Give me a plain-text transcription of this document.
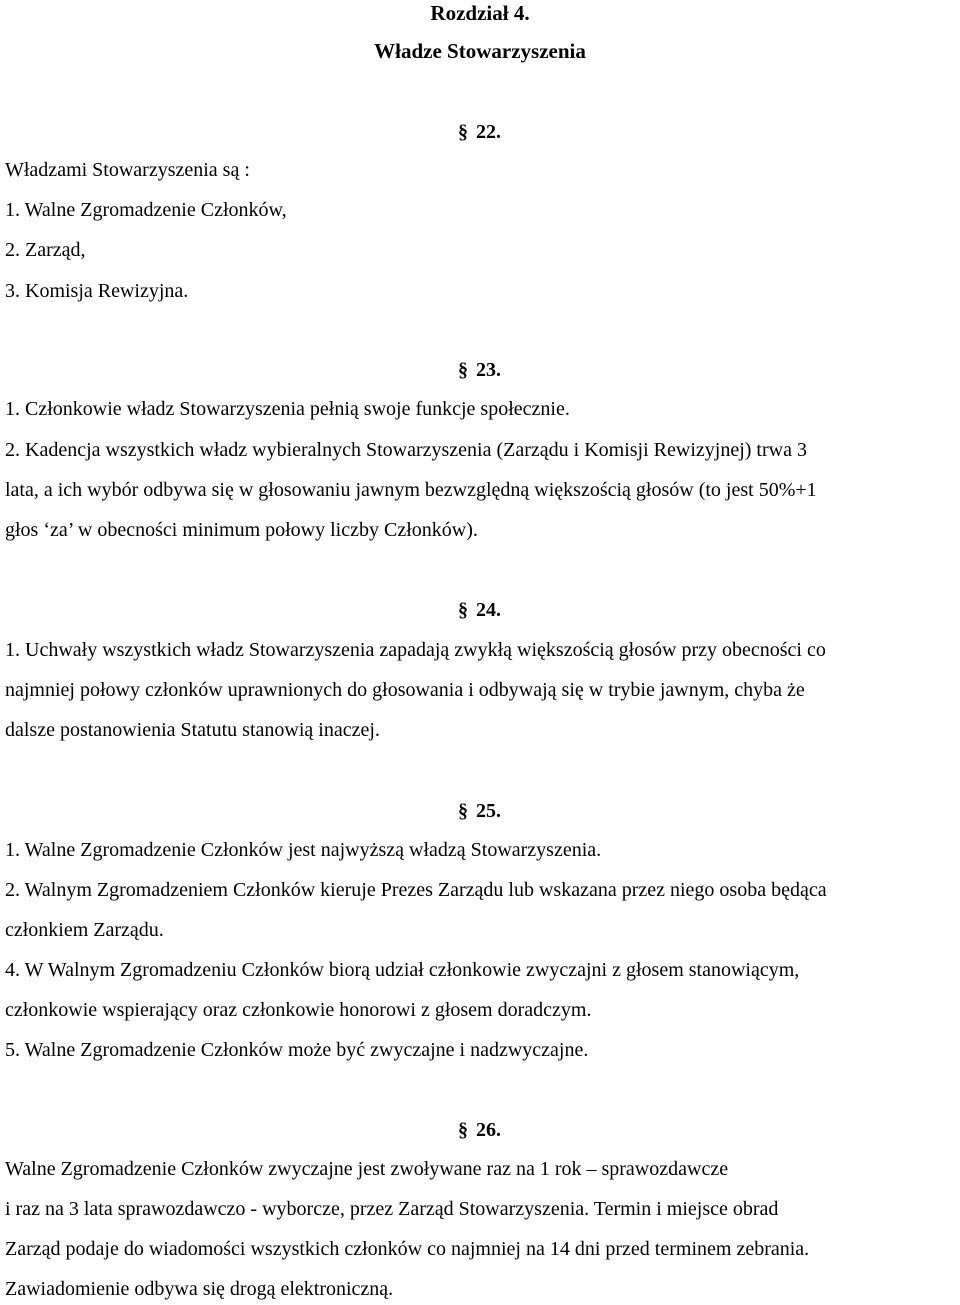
Rozdział 4.
Władze Stowarzyszenia
§ 22.
Władzami Stowarzyszenia są :
1. Walne Zgromadzenie Członków,
2. Zarząd,
3. Komisja Rewizyjna.
§ 23.
1. Członkowie władz Stowarzyszenia pełnią swoje funkcje społecznie.
2. Kadencja wszystkich władz wybieralnych Stowarzyszenia (Zarządu i Komisji Rewizyjnej) trwa 3
lata, a ich wybór odbywa się w głosowaniu jawnym bezwzględną większością głosów (to jest 50%+1
głos ‘za’ w obecności minimum połowy liczby Członków).
§ 24.
1. Uchwały wszystkich władz Stowarzyszenia zapadają zwykłą większością głosów przy obecności co
najmniej połowy członków uprawnionych do głosowania i odbywają się w trybie jawnym, chyba że
dalsze postanowienia Statutu stanowią inaczej.
§ 25.
1. Walne Zgromadzenie Członków jest najwyższą władzą Stowarzyszenia.
2. Walnym Zgromadzeniem Członków kieruje Prezes Zarządu lub wskazana przez niego osoba będąca
członkiem Zarządu.
4. W Walnym Zgromadzeniu Członków biorą udział członkowie zwyczajni z głosem stanowiącym,
członkowie wspierający oraz członkowie honorowi z głosem doradczym.
5. Walne Zgromadzenie Członków może być zwyczajne i nadzwyczajne.
§ 26.
Walne Zgromadzenie Członków zwyczajne jest zwoływane raz na 1 rok – sprawozdawcze
i raz na 3 lata sprawozdawczo - wyborcze, przez Zarząd Stowarzyszenia. Termin i miejsce obrad
Zarząd podaje do wiadomości wszystkich członków co najmniej na 14 dni przed terminem zebrania.
Zawiadomienie odbywa się drogą elektroniczną.
